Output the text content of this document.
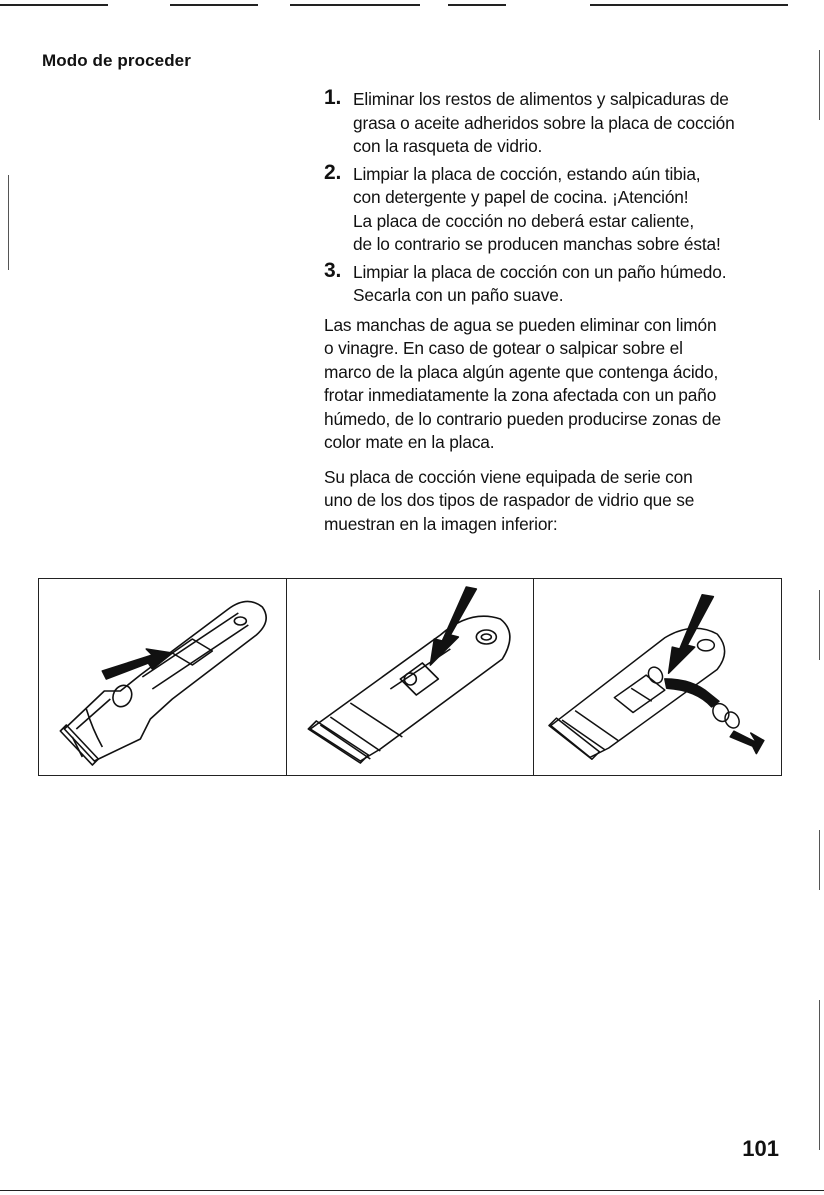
Modo de proceder
1. Eliminar los restos de alimentos y salpicaduras de
grasa o aceite adheridos sobre la placa de cocción
con la rasqueta de vidrio.
2. Limpiar la placa de cocción, estando aún tibia,
con detergente y papel de cocina. ¡Atención!
La placa de cocción no deberá estar caliente,
de lo contrario se producen manchas sobre ésta!
3. Limpiar la placa de cocción con un paño húmedo.
Secarla con un paño suave.
Las manchas de agua se pueden eliminar con limón
o vinagre. En caso de gotear o salpicar sobre el
marco de la placa algún agente que contenga ácido,
frotar inmediatamente la zona afectada con un paño
húmedo, de lo contrario pueden producirse zonas de
color mate en la placa.
Su placa de cocción viene equipada de serie con
uno de los dos tipos de raspador de vidrio que se
muestran en la imagen inferior:
101
